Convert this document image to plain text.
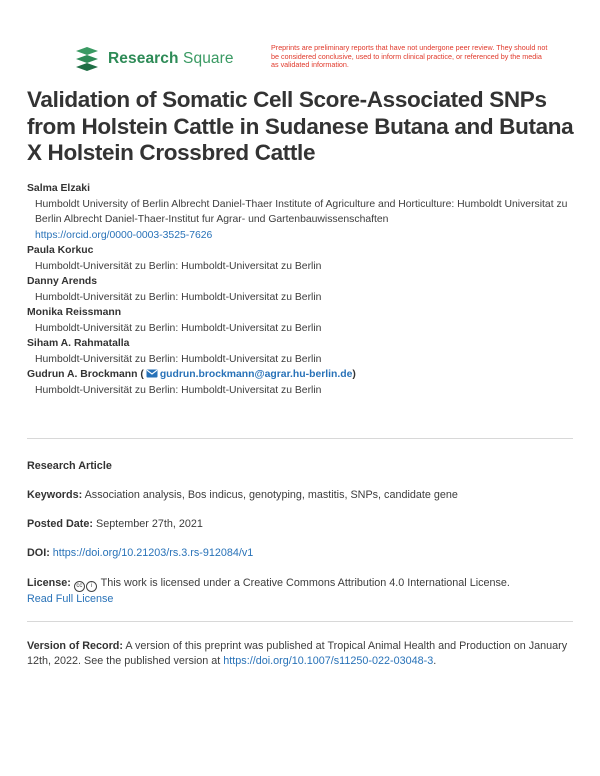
Research Square
Preprints are preliminary reports that have not undergone peer review. They should not be considered conclusive, used to inform clinical practice, or referenced by the media as validated information.
Validation of Somatic Cell Score-Associated SNPs from Holstein Cattle in Sudanese Butana and Butana X Holstein Crossbred Cattle
Salma Elzaki
Humboldt University of Berlin Albrecht Daniel-Thaer Institute of Agriculture and Horticulture: Humboldt Universitat zu Berlin Albrecht Daniel-Thaer-Institut fur Agrar- und Gartenbauwissenschaften
https://orcid.org/0000-0003-3525-7626
Paula Korkuc
Humboldt-Universität zu Berlin: Humboldt-Universitat zu Berlin
Danny Arends
Humboldt-Universität zu Berlin: Humboldt-Universitat zu Berlin
Monika Reissmann
Humboldt-Universität zu Berlin: Humboldt-Universitat zu Berlin
Siham A. Rahmatalla
Humboldt-Universität zu Berlin: Humboldt-Universitat zu Berlin
Gudrun A. Brockmann ( gudrun.brockmann@agrar.hu-berlin.de)
Humboldt-Universität zu Berlin: Humboldt-Universitat zu Berlin
Research Article
Keywords: Association analysis, Bos indicus, genotyping, mastitis, SNPs, candidate gene
Posted Date: September 27th, 2021
DOI: https://doi.org/10.21203/rs.3.rs-912084/v1
License: cc i This work is licensed under a Creative Commons Attribution 4.0 International License.
Read Full License
Version of Record: A version of this preprint was published at Tropical Animal Health and Production on January 12th, 2022. See the published version at https://doi.org/10.1007/s11250-022-03048-3.
